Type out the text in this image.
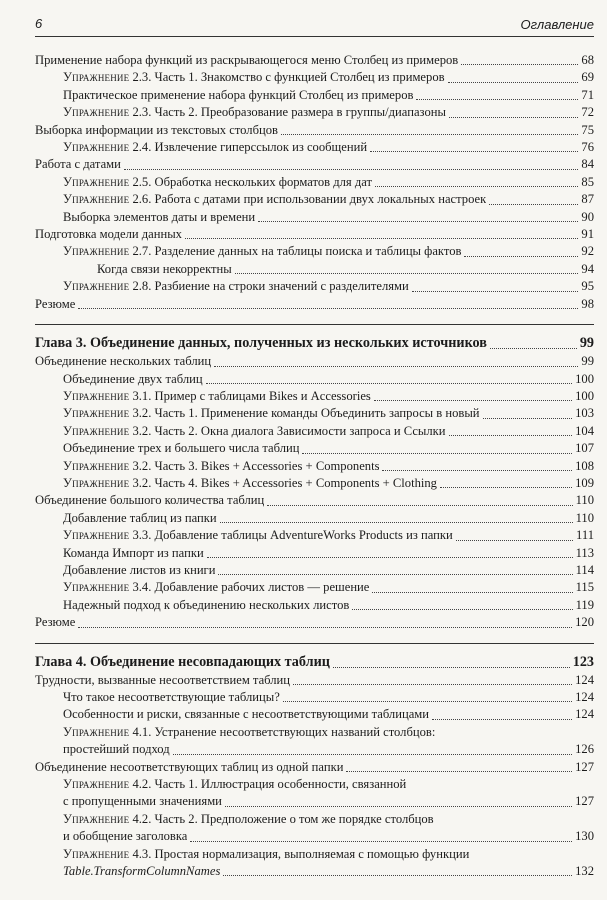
6	Оглавление
Применение набора функций из раскрывающегося меню Столбец из примеров	68
Упражнение 2.3. Часть 1. Знакомство с функцией Столбец из примеров	69
Практическое применение набора функций Столбец из примеров	71
Упражнение 2.3. Часть 2. Преобразование размера в группы/диапазоны	72
Выборка информации из текстовых столбцов	75
Упражнение 2.4. Извлечение гиперссылок из сообщений	76
Работа с датами	84
Упражнение 2.5. Обработка нескольких форматов для дат	85
Упражнение 2.6. Работа с датами при использовании двух локальных настроек	87
Выборка элементов даты и времени	90
Подготовка модели данных	91
Упражнение 2.7. Разделение данных на таблицы поиска и таблицы фактов	92
Когда связи некорректны	94
Упражнение 2.8. Разбиение на строки значений с разделителями	95
Резюме	98
Глава 3. Объединение данных, полученных из нескольких источников	99
Объединение нескольких таблиц	99
Объединение двух таблиц	100
Упражнение 3.1. Пример с таблицами Bikes и Accessories	100
Упражнение 3.2. Часть 1. Применение команды Объединить запросы в новый	103
Упражнение 3.2. Часть 2. Окна диалога Зависимости запроса и Ссылки	104
Объединение трех и большего числа таблиц	107
Упражнение 3.2. Часть 3. Bikes + Accessories + Components	108
Упражнение 3.2. Часть 4. Bikes + Accessories + Components + Clothing	109
Объединение большого количества таблиц	110
Добавление таблиц из папки	110
Упражнение 3.3. Добавление таблицы AdventureWorks Products из папки	111
Команда Импорт из папки	113
Добавление листов из книги	114
Упражнение 3.4. Добавление рабочих листов — решение	115
Надежный подход к объединению нескольких листов	119
Резюме	120
Глава 4. Объединение несовпадающих таблиц	123
Трудности, вызванные несоответствием таблиц	124
Что такое несоответствующие таблицы?	124
Особенности и риски, связанные с несоответствующими таблицами	124
Упражнение 4.1. Устранение несоответствующих названий столбцов:
простейший подход	126
Объединение несоответствующих таблиц из одной папки	127
Упражнение 4.2. Часть 1. Иллюстрация особенности, связанной
с пропущенными значениями	127
Упражнение 4.2. Часть 2. Предположение о том же порядке столбцов
и обобщение заголовка	130
Упражнение 4.3. Простая нормализация, выполняемая с помощью функции
Table.TransformColumnNames	132
